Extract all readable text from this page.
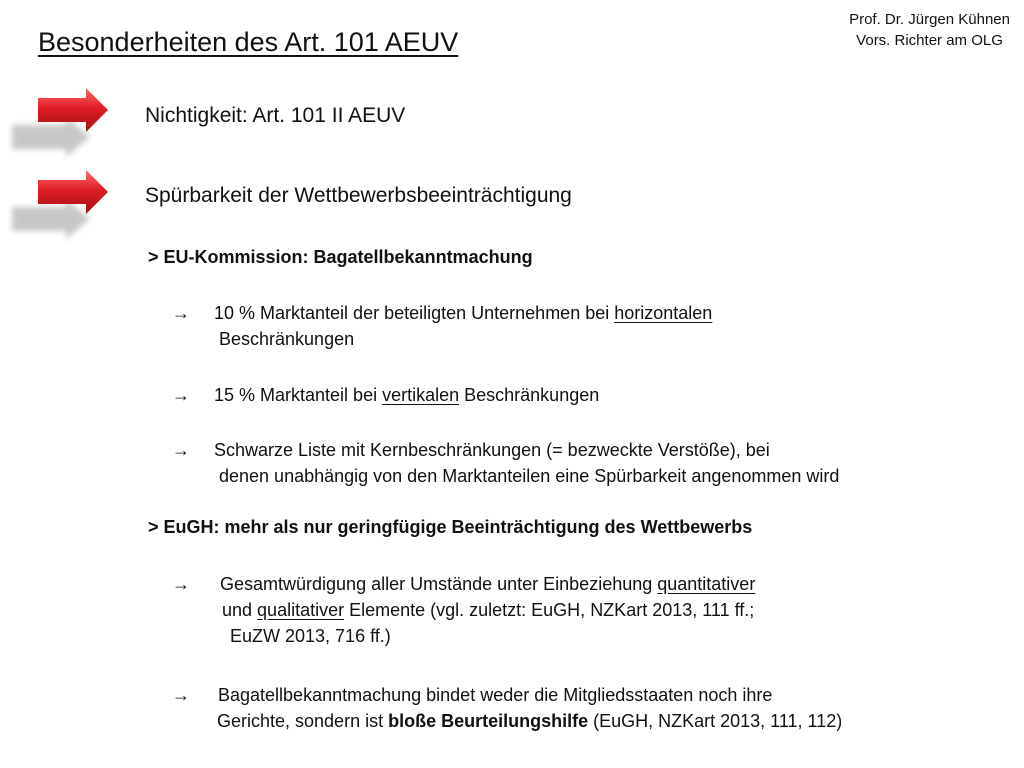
Prof. Dr. Jürgen Kühnen
Vors. Richter am OLG
Besonderheiten des Art. 101 AEUV
Nichtigkeit: Art. 101 II AEUV
Spürbarkeit der Wettbewerbsbeeinträchtigung
> EU-Kommission: Bagatellbekanntmachung
→ 10 % Marktanteil der beteiligten Unternehmen bei horizontalen
Beschränkungen
→ 15 % Marktanteil bei vertikalen Beschränkungen
→ Schwarze Liste mit Kernbeschränkungen (= bezweckte Verstöße), bei
denen unabhängig von den Marktanteilen eine Spürbarkeit angenommen wird
> EuGH: mehr als nur geringfügige Beeinträchtigung des Wettbewerbs
→ Gesamtwürdigung aller Umstände unter Einbeziehung quantitativer
und qualitativer Elemente (vgl. zuletzt: EuGH, NZKart 2013, 111 ff.;
EuZW 2013, 716 ff.)
→ Bagatellbekanntmachung bindet weder die Mitgliedsstaaten noch ihre
Gerichte, sondern ist bloße Beurteilungshilfe (EuGH, NZKart 2013, 111, 112)
